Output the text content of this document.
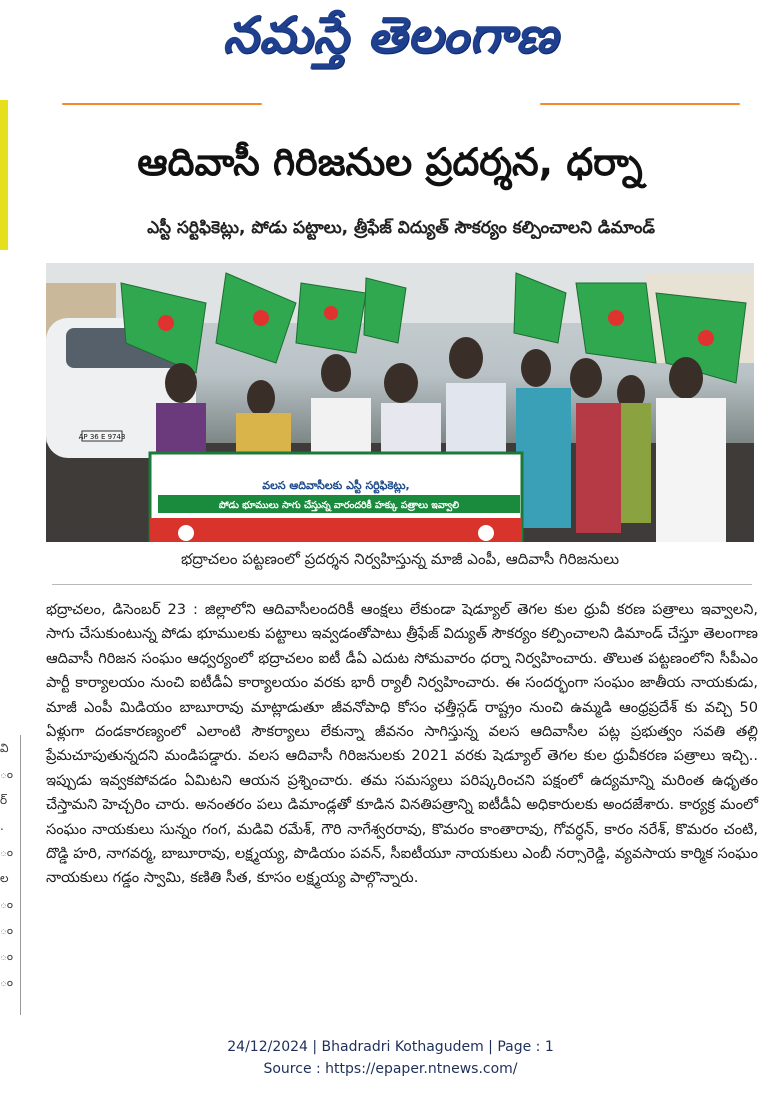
నమస్తే తెలంగాణ
ఆదివాసీ గిరిజనుల ప్రదర్శన, ధర్నా
ఎస్టీ సర్టిఫికెట్లు, పోడు పట్టాలు, త్రీఫేజ్ విద్యుత్ సౌకర్యం కల్పించాలని డిమాండ్
AP 36 E 9743
వలస ఆదివాసీలకు ఎస్టీ సర్టిఫికెట్లు,
పోడు భూములు సాగు చేస్తున్న వారందరికీ హక్కు పత్రాలు ఇవ్వాలి
భద్రాచలం పట్టణంలో ప్రదర్శన నిర్వహిస్తున్న మాజీ ఎంపీ, ఆదివాసీ గిరిజనులు
భద్రాచలం, డిసెంబర్ 23 : జిల్లాలోని ఆదివాసీలందరికీ ఆంక్షలు లేకుండా షెడ్యూల్ తెగల కుల ధ్రువీ కరణ పత్రాలు ఇవ్వాలని, సాగు చేసుకుంటున్న పోడు భూములకు పట్టాలు ఇవ్వడంతోపాటు త్రీఫేజ్ విద్యుత్ సౌకర్యం కల్పించాలని డిమాండ్ చేస్తూ తెలంగాణ ఆదివాసీ గిరిజన సంఘం ఆధ్వర్యంలో భద్రాచలం ఐటీ డీఏ ఎదుట సోమవారం ధర్నా నిర్వహించారు. తొలుత పట్టణంలోని సీపీఎం పార్టీ కార్యాలయం నుంచి ఐటీడీఏ కార్యాలయం వరకు భారీ ర్యాలీ నిర్వహించారు. ఈ సందర్భంగా సంఘం జాతీయ నాయకుడు, మాజీ ఎంపీ మిడియం బాబూరావు మాట్లాడుతూ జీవనోపాధి కోసం ఛత్తీస్గడ్ రాష్ట్రం నుంచి ఉమ్మడి ఆంధ్రప్రదేశ్ కు వచ్చి 50 ఏళ్లుగా దండకారణ్యంలో ఎలాంటి సౌకర్యాలు లేకున్నా జీవనం సాగిస్తున్న వలస ఆదివాసీల పట్ల ప్రభుత్వం సవతి తల్లి ప్రేమచూపుతున్నదని మండిపడ్డారు. వలస ఆదివాసీ గిరిజనులకు 2021 వరకు షెడ్యూల్ తెగల కుల ధ్రువీకరణ పత్రాలు ఇచ్చి.. ఇప్పుడు ఇవ్వకపోవడం ఏమిటని ఆయన ప్రశ్నించారు. తమ సమస్యలు పరిష్కరించని పక్షంలో ఉద్యమాన్ని మరింత ఉధృతం చేస్తామని హెచ్చరిం చారు. అనంతరం పలు డిమాండ్లతో కూడిన వినతిపత్రాన్ని ఐటీడీఏ అధికారులకు అందజేశారు. కార్యక్ర మంలో సంఘం నాయకులు సున్నం గంగ, మడివి రమేశ్, గౌరి నాగేశ్వరరావు, కొమరం కాంతారావు, గోవర్ధన్, కారం నరేశ్, కొమరం చంటి, దొడ్డి హరి, నాగవర్మ, బాబూరావు, లక్ష్మయ్య, పొడియం పవన్, సీఐటీయూ నాయకులు ఎంబీ నర్సారెడ్డి, వ్యవసాయ కార్మిక సంఘం నాయకులు గడ్డం స్వామి, కణితి సీత, కూసం లక్ష్మయ్య పాల్గొన్నారు.
వి
ం
ర్
.
ం
ల
ం
ం
ం
ం
24/12/2024 | Bhadradri Kothagudem | Page : 1
Source : https://epaper.ntnews.com/
